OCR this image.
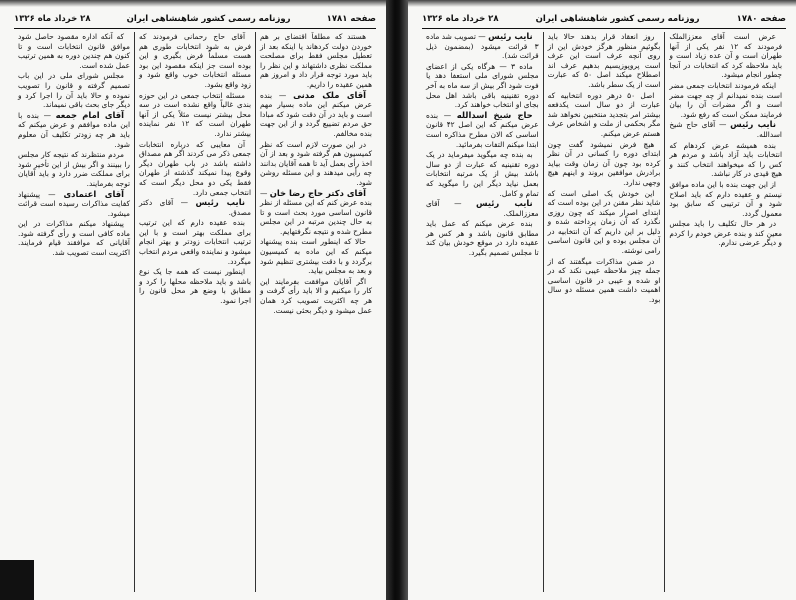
صفحه ۱۷۸۱
روزنامه رسمی کشور شاهنشاهی ایران
۲۸ خرداد ماه ۱۳۲۶

هستند که مطلقاً اقتضای بر هم خوردن دولت کردهاند یا اینکه بعد از تعطیل مجلس فقط برای مصلحت مملکت نظری داشتهاند و این نظر را باید مورد توجه قرار داد و امروز هم همین عقیده را داریم.

آقای ملک مدنی — بنده عرض میکنم این ماده بسیار مهم است و باید در آن دقت شود که مبادا حق مردم تضییع گردد و از این جهت بنده مخالفم.

در این صورت لازم است که نظر کمیسیون هم گرفته شود و بعد از آن اخذ رأی بعمل آید تا همه آقایان بدانند چه رأیی میدهند و این مسئله روشن شود.

آقای دکتر حاج رضا خان — بنده عرض کنم که این مسئله از نظر قانون اساسی مورد بحث است و تا به حال چندین مرتبه در این مجلس مطرح شده و نتیجه نگرفتهایم.

حالا که اینطور است بنده پیشنهاد میکنم که این ماده به کمیسیون برگردد و با دقت بیشتری تنظیم شود و بعد به مجلس بیاید.

اگر آقایان موافقت بفرمایند این کار را میکنیم و الا باید رأی گرفت و هر چه اکثریت تصویب کرد همان عمل میشود و دیگر بحثی نیست.

آقای حاج رحمانی فرمودند که فرض به شود انتخابات طوری هم هست مسلماً فرض بگیری و این بوده است جز اینکه مقصود این بود مسئله انتخابات خوب واقع شود و زود واقع بشود.

مسئله انتخاب جمعی در این حوزه بندی غالباً واقع نشده است در سه محل بیشتر نیست مثلاً یکی از آنها طهران است که ۱۲ نفر نماینده بیشتر ندارد.

آن معایبی که درباره انتخابات جمعی ذکر می کردند اگر هم مصداق داشته باشد در باب طهران دیگر وقوع پیدا نمیکند گذشته از طهران فقط یکی دو محل دیگر است که انتخاب جمعی دارد.

نایب رئیس — آقای دکتر مصدق.

بنده عقیده دارم که این ترتیب برای مملکت بهتر است و با این ترتیب انتخابات زودتر و بهتر انجام میشود و نماینده واقعی مردم انتخاب میگردد.

اینطور نیست که همه جا یک نوع باشد و باید ملاحظه محلها را کرد و مطابق با وضع هر محل قانون را اجرا نمود.

که آنکه اداره مقصود حاصل شود موافق قانون انتخابات است و تا کنون هم چندین دوره به همین ترتیب عمل شده است.

مجلس شورای ملی در این باب تصمیم گرفته و قانون را تصویب نموده و حالا باید آن را اجرا کرد و دیگر جای بحث باقی نمیماند.

آقای امام جمعه — بنده با این ماده موافقم و عرض میکنم که باید هر چه زودتر تکلیف آن معلوم شود.

مردم منتظرند که نتیجه کار مجلس را ببینند و اگر بیش از این تأخیر شود برای مملکت ضرر دارد و باید آقایان توجه بفرمایند.

آقای اعتمادی — پیشنهاد کفایت مذاکرات رسیده است قرائت میشود.

پیشنهاد میکنم مذاکرات در این ماده کافی است و رأی گرفته شود. آقایانی که موافقند قیام فرمایند. اکثریت است تصویب شد.

صفحه ۱۷۸۰
روزنامه رسمی کشور شاهنشاهی ایران
۲۸ خرداد ماه ۱۳۲۶

عرض است آقای معززالملک فرمودند که ۱۲ نفر یکی از آنها طهران است و آن عده زیاد است و باید ملاحظه کرد که انتخابات در آنجا چطور انجام میشود.

اینکه فرمودند انتخابات جمعی مضر است بنده نمیدانم از چه جهت مضر است و اگر مضرات آن را بیان فرمایند ممکن است که رفع شود.

نایب رئیس — آقای حاج شیخ اسدالله.

بنده همیشه عرض کردهام که انتخابات باید آزاد باشد و مردم هر کس را که میخواهند انتخاب کنند و هیچ قیدی در کار نباشد.

از این جهت بنده با این ماده موافق نیستم و عقیده دارم که باید اصلاح شود و آن ترتیبی که سابق بود معمول گردد.

در هر حال تکلیف را باید مجلس معین کند و بنده عرض خودم را کردم و دیگر عرضی ندارم.

روز انعقاد قرار بدهند حالا باید بگوئیم منظور هرگز خودش این از روی آنچه عرف است این عرف است پروپوزیسیم بدهیم عرف اند اصطلاح میکند اصل ۵۰ که عبارت است از یک سطر باشد.

اصل ۵۰ درهر دوره انتخابیه که عبارت از دو سال است یکدفعه بیشتر امر بتجدید منتخبین نخواهد شد مگر بحکمی از ملت و اشخاص عرف هستم عرض میکنم.

هیچ فرض نمیشود گفت چون ابتدای دوره را کسانی در آن نظر کرده بود چون آن زمان وقت بیاید برادرش موافقین بروند و اینهم هیچ وجهی ندارد.

این خودش یک اصلی است که شاید نظر مقنن در این بوده است که ابتدای اصرار میکند که چون روزی نگذرد که آن زمان پرداخته شده و دلیل بر این داریم که آن انتخابیه در آن مجلس بوده و این قانون اساسی رامی نوشته.

در ضمن مذاکرات میگفتند که از جمله چیز ملاحظه عیبی نکند که در او شده و عیبی در قانون اساسی اهمیت داشت همین مسئله دو سال بود.

نایب رئیس — تصویب شد ماده ۳ قرائت میشود (بمضمون ذیل قرائت شد).

ماده ۳ — هرگاه یکی از اعضای مجلس شورای ملی استعفا دهد یا فوت شود اگر بیش از سه ماه به آخر دوره تقنینیه باقی باشد اهل محل بجای او انتخاب خواهند کرد.

حاج شیخ اسدالله — بنده عرض میکنم که این اصل ۴۲ قانون اساسی که الان مطرح مذاکره است ابتدا میکنم التفات بفرمائید.

به بنده چه میگوید میفرماید در یک دوره تقنینیه که عبارت از دو سال باشد بیش از یک مرتبه انتخابات بعمل نیاید دیگر این را میگوید که تمام و کامل.

نایب رئیس — آقای معززالملک.

بنده عرض میکنم که عمل باید مطابق قانون باشد و هر کس هر عقیده دارد در موقع خودش بیان کند تا مجلس تصمیم بگیرد.
